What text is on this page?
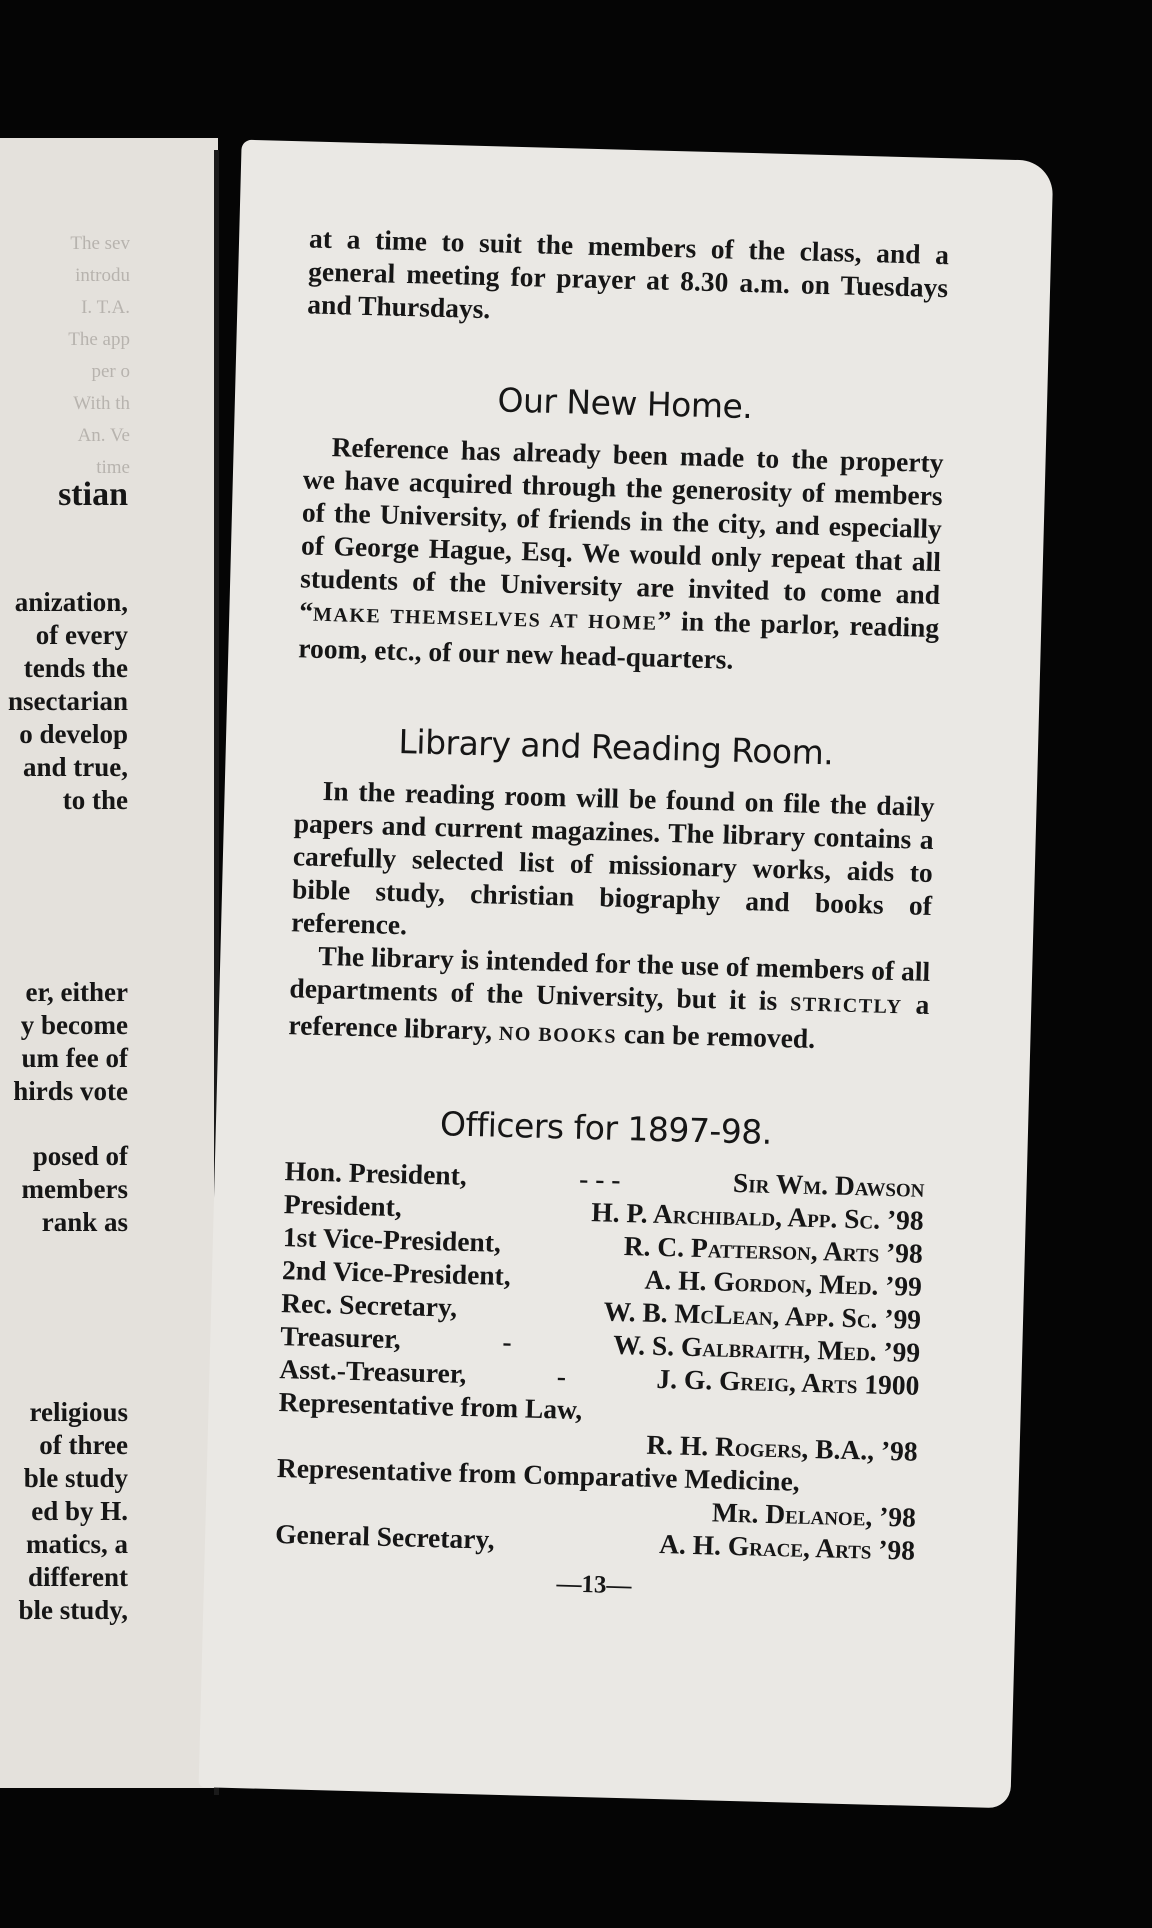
The sev
introdu
I. T.A.
The app
per o
With th
An. Ve
time
stian
anization,
of every
tends the
nsectarian
o develop
and true,
to the
er, either
y become
um fee of
hirds vote
posed of
members
rank as
religious
of three
ble study
ed by H.
matics, a
different
ble study,

at a time to suit the members of the class, and a general meeting for prayer at 8.30 a.m. on Tuesdays and Thursdays.

Our New Home.

Reference has already been made to the property we have acquired through the generosity of members of the University, of friends in the city, and especially of George Hague, Esq. We would only repeat that all students of the University are invited to come and “MAKE THEMSELVES AT HOME” in the parlor, reading room, etc., of our new head-quarters.

Library and Reading Room.

In the reading room will be found on file the daily papers and current magazines. The library contains a carefully selected list of missionary works, aids to bible study, christian biography and books of reference.

The library is intended for the use of members of all departments of the University, but it is STRICTLY a reference library, NO BOOKS can be removed.

Officers for 1897-98.
Hon. President,	- - -	Sir Wm. Dawson
President,	H. P. Archibald, App. Sc. ’98
1st Vice-President,	R. C. Patterson, Arts ’98
2nd Vice-President,	A. H. Gordon, Med. ’99
Rec. Secretary,	W. B. McLean, App. Sc. ’99
Treasurer,	-	W. S. Galbraith, Med. ’99
Asst.-Treasurer,	-	J. G. Greig, Arts 1900
Representative from Law,
R. H. Rogers, B.A., ’98
Representative from Comparative Medicine,
Mr. Delanoe, ’98
General Secretary,	A. H. Grace, Arts ’98
—13—
